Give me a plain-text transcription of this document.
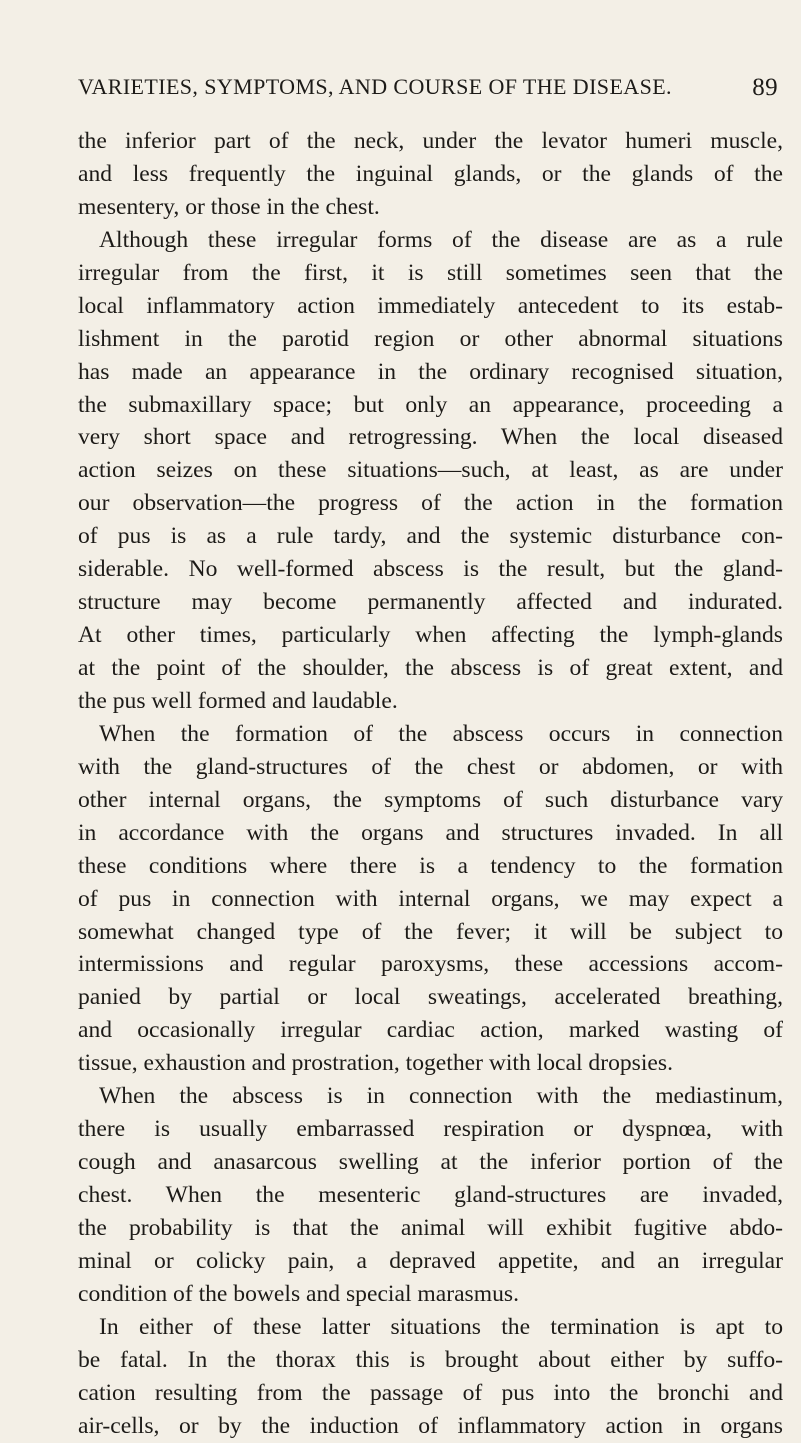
VARIETIES, SYMPTOMS, AND COURSE OF THE DISEASE.	89
the inferior part of the neck, under the levator humeri muscle,
and less frequently the inguinal glands, or the glands of the
mesentery, or those in the chest.
Although these irregular forms of the disease are as a rule
irregular from the first, it is still sometimes seen that the
local inflammatory action immediately antecedent to its estab-
lishment in the parotid region or other abnormal situations
has made an appearance in the ordinary recognised situation,
the submaxillary space; but only an appearance, proceeding a
very short space and retrogressing. When the local diseased
action seizes on these situations—such, at least, as are under
our observation—the progress of the action in the formation
of pus is as a rule tardy, and the systemic disturbance con-
siderable. No well-formed abscess is the result, but the gland-
structure may become permanently affected and indurated.
At other times, particularly when affecting the lymph-glands
at the point of the shoulder, the abscess is of great extent, and
the pus well formed and laudable.
When the formation of the abscess occurs in connection
with the gland-structures of the chest or abdomen, or with
other internal organs, the symptoms of such disturbance vary
in accordance with the organs and structures invaded. In all
these conditions where there is a tendency to the formation
of pus in connection with internal organs, we may expect a
somewhat changed type of the fever; it will be subject to
intermissions and regular paroxysms, these accessions accom-
panied by partial or local sweatings, accelerated breathing,
and occasionally irregular cardiac action, marked wasting of
tissue, exhaustion and prostration, together with local dropsies.
When the abscess is in connection with the mediastinum,
there is usually embarrassed respiration or dyspnœa, with
cough and anasarcous swelling at the inferior portion of the
chest. When the mesenteric gland-structures are invaded,
the probability is that the animal will exhibit fugitive abdo-
minal or colicky pain, a depraved appetite, and an irregular
condition of the bowels and special marasmus.
In either of these latter situations the termination is apt to
be fatal. In the thorax this is brought about either by suffo-
cation resulting from the passage of pus into the bronchi and
air-cells, or by the induction of inflammatory action in organs
